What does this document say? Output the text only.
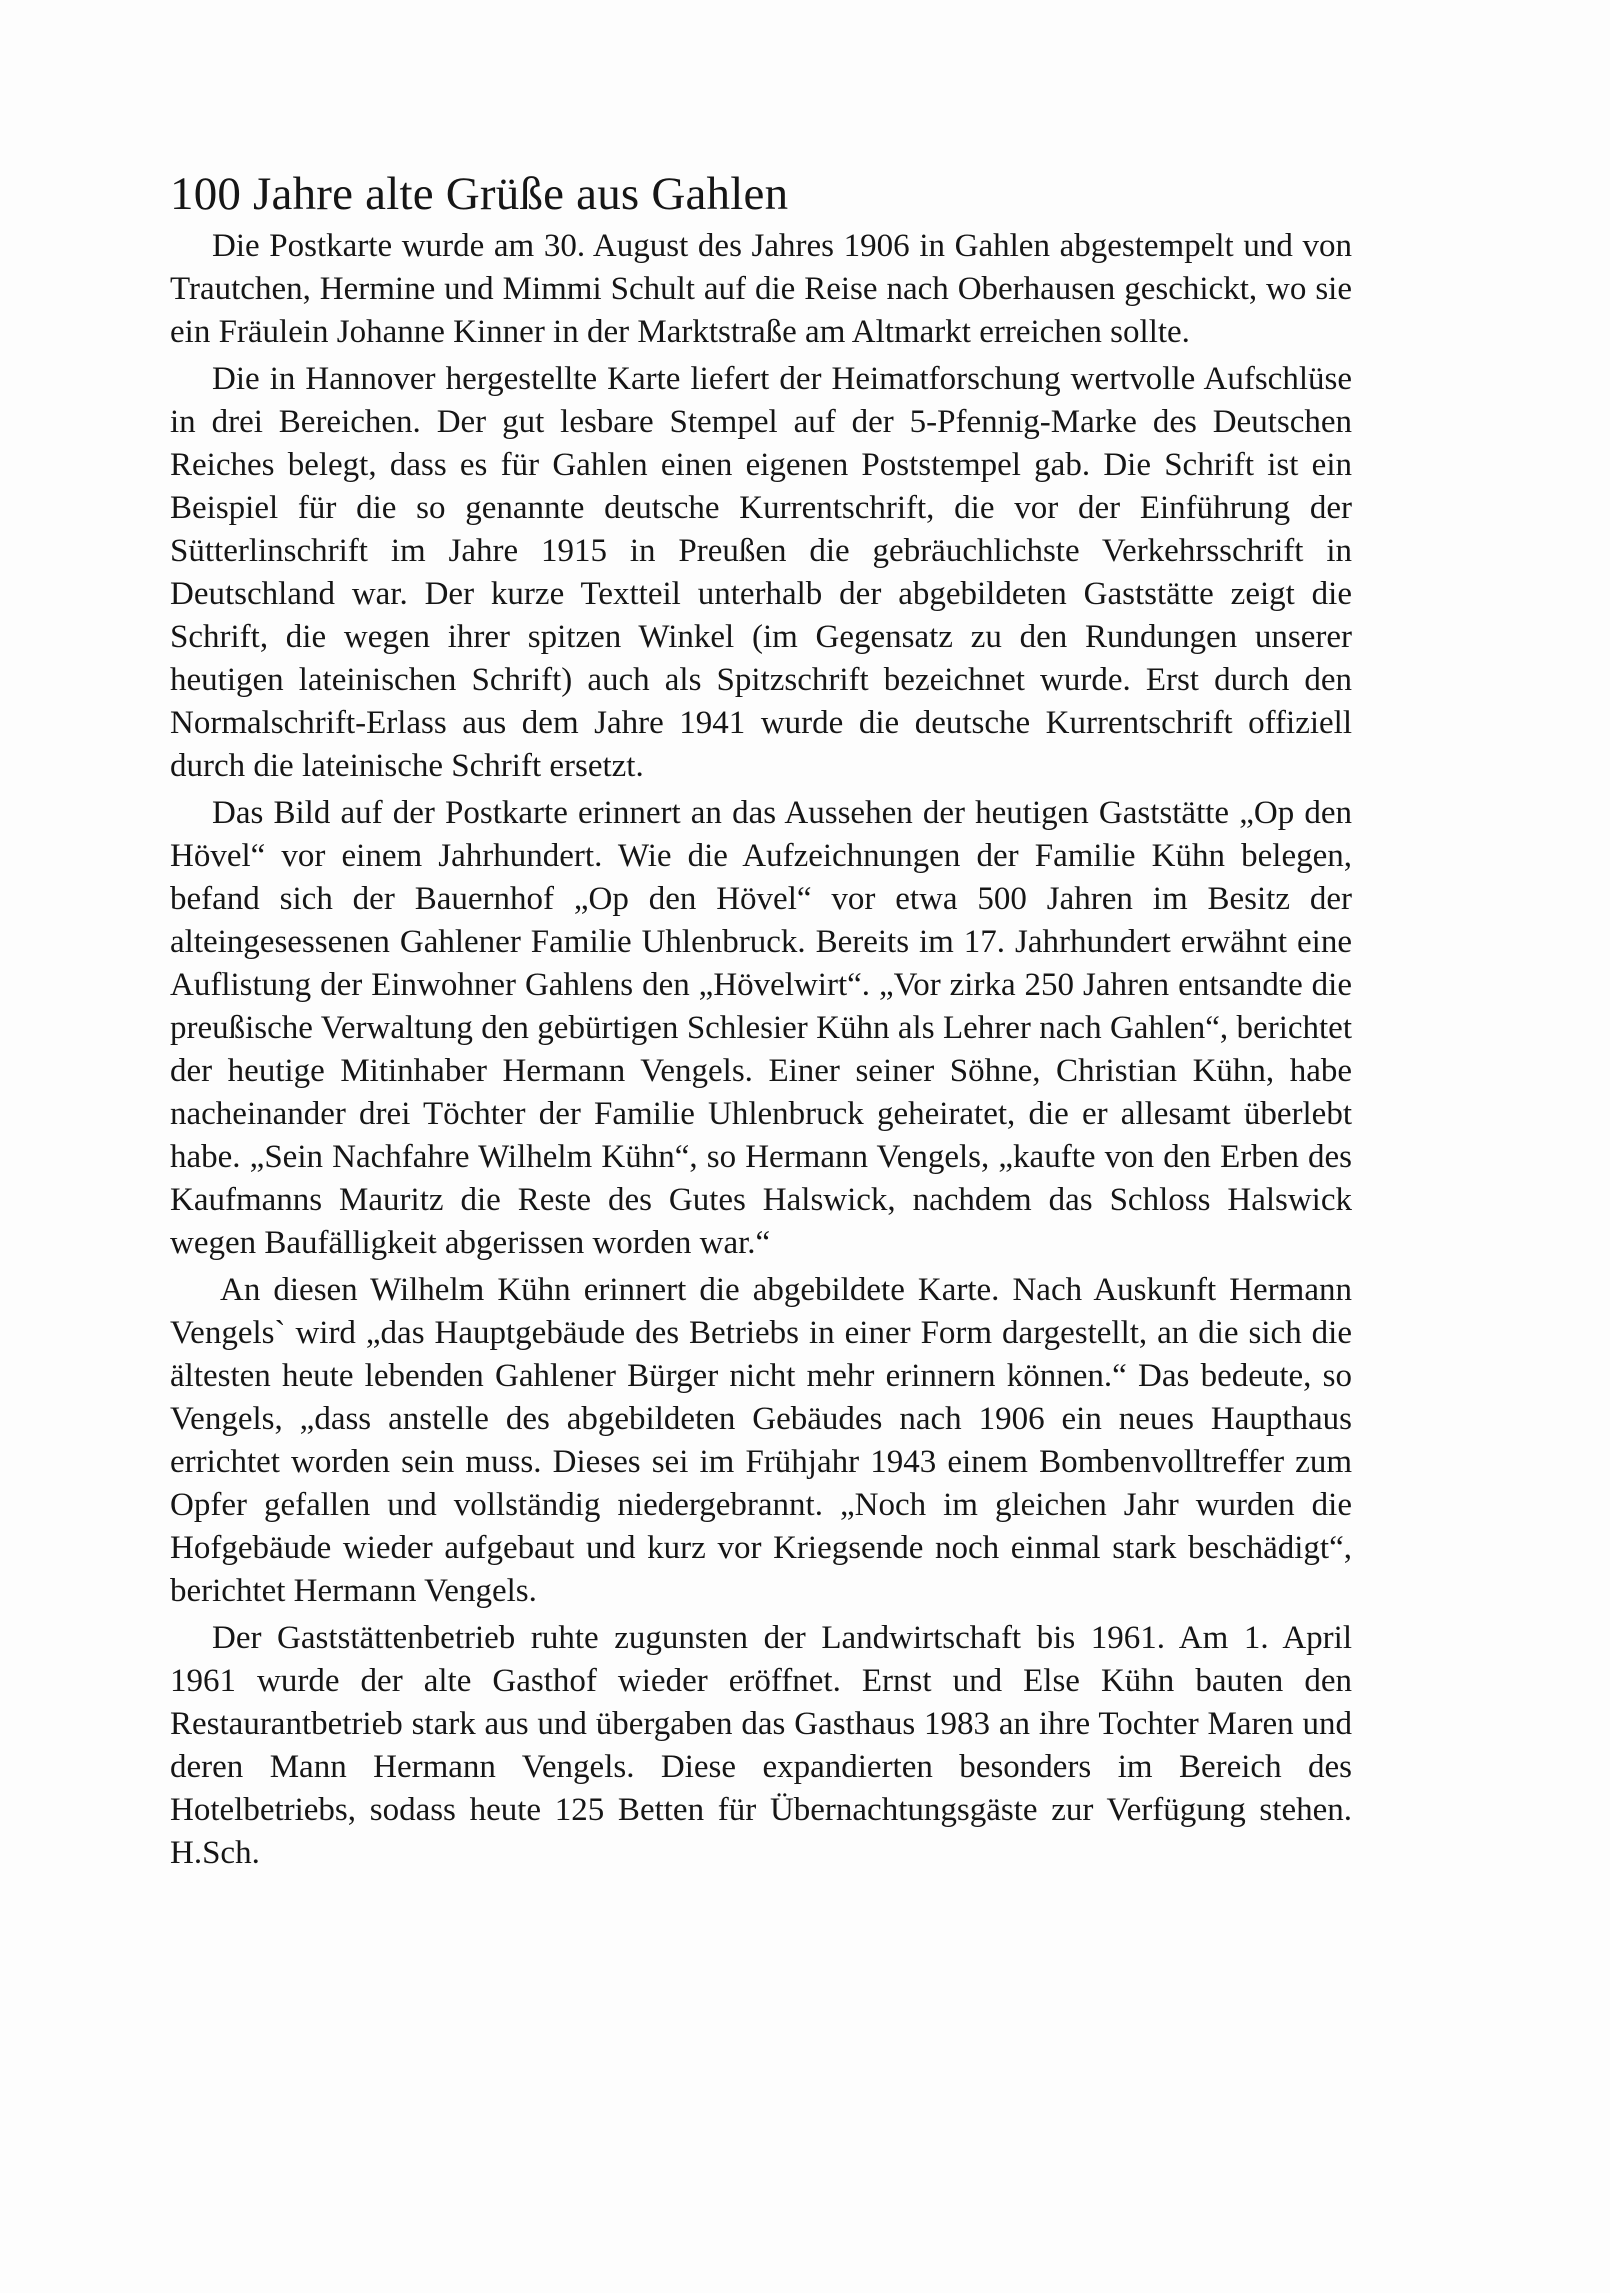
100 Jahre alte Grüße aus Gahlen

Die Postkarte wurde am 30. August des Jahres 1906 in Gahlen abgestempelt und von Trautchen, Hermine und Mimmi Schult auf die Reise nach Oberhausen geschickt, wo sie ein Fräulein Johanne Kinner in der Marktstraße am Altmarkt erreichen sollte.

Die in Hannover hergestellte Karte liefert der Heimatforschung wertvolle Aufschlüse in drei Bereichen. Der gut lesbare Stempel auf der 5-Pfennig-Marke des Deutschen Reiches belegt, dass es für Gahlen einen eigenen Poststempel gab. Die Schrift ist ein Beispiel für die so genannte deutsche Kurrentschrift, die vor der Einführung der Sütterlinschrift im Jahre 1915 in Preußen die gebräuchlichste Verkehrsschrift in Deutschland war. Der kurze Textteil unterhalb der abgebildeten Gaststätte zeigt die Schrift, die wegen ihrer spitzen Winkel (im Gegensatz zu den Rundungen unserer heutigen lateinischen Schrift) auch als Spitzschrift bezeichnet wurde. Erst durch den Normalschrift-Erlass aus dem Jahre 1941 wurde die deutsche Kurrentschrift offiziell durch die lateinische Schrift ersetzt.

Das Bild auf der Postkarte erinnert an das Aussehen der heutigen Gaststätte „Op den Hövel“ vor einem Jahrhundert. Wie die Aufzeichnungen der Familie Kühn belegen, befand sich der Bauernhof „Op den Hövel“ vor etwa 500 Jahren im Besitz der alteingesessenen Gahlener Familie Uhlenbruck. Bereits im 17. Jahrhundert erwähnt eine Auflistung der Einwohner Gahlens den „Hövelwirt“. „Vor zirka 250 Jahren entsandte die preußische Verwaltung den gebürtigen Schlesier Kühn als Lehrer nach Gahlen“, berichtet der heutige Mitinhaber Hermann Vengels. Einer seiner Söhne, Christian Kühn, habe nacheinander drei Töchter der Familie Uhlenbruck geheiratet, die er allesamt überlebt habe. „Sein Nachfahre Wilhelm Kühn“, so Hermann Vengels, „kaufte von den Erben des Kaufmanns Mauritz die Reste des Gutes Halswick, nachdem das Schloss Halswick wegen Baufälligkeit abgerissen worden war.“

An diesen Wilhelm Kühn erinnert die abgebildete Karte. Nach Auskunft Hermann Vengels` wird „das Hauptgebäude des Betriebs in einer Form dargestellt, an die sich die ältesten heute lebenden Gahlener Bürger nicht mehr erinnern können.“ Das bedeute, so Vengels, „dass anstelle des abgebildeten Gebäudes nach 1906 ein neues Haupthaus errichtet worden sein muss. Dieses sei im Frühjahr 1943 einem Bombenvolltreffer zum Opfer gefallen und vollständig niedergebrannt. „Noch im gleichen Jahr wurden die Hofgebäude wieder aufgebaut und kurz vor Kriegsende noch einmal stark beschädigt“, berichtet Hermann Vengels.

Der Gaststättenbetrieb ruhte zugunsten der Landwirtschaft bis 1961. Am 1. April 1961 wurde der alte Gasthof wieder eröffnet. Ernst und Else Kühn bauten den Restaurantbetrieb stark aus und übergaben das Gasthaus 1983 an ihre Tochter Maren und deren Mann Hermann Vengels. Diese expandierten besonders im Bereich des Hotelbetriebs, sodass heute 125 Betten für Übernachtungsgäste zur Verfügung stehen. H.Sch.
